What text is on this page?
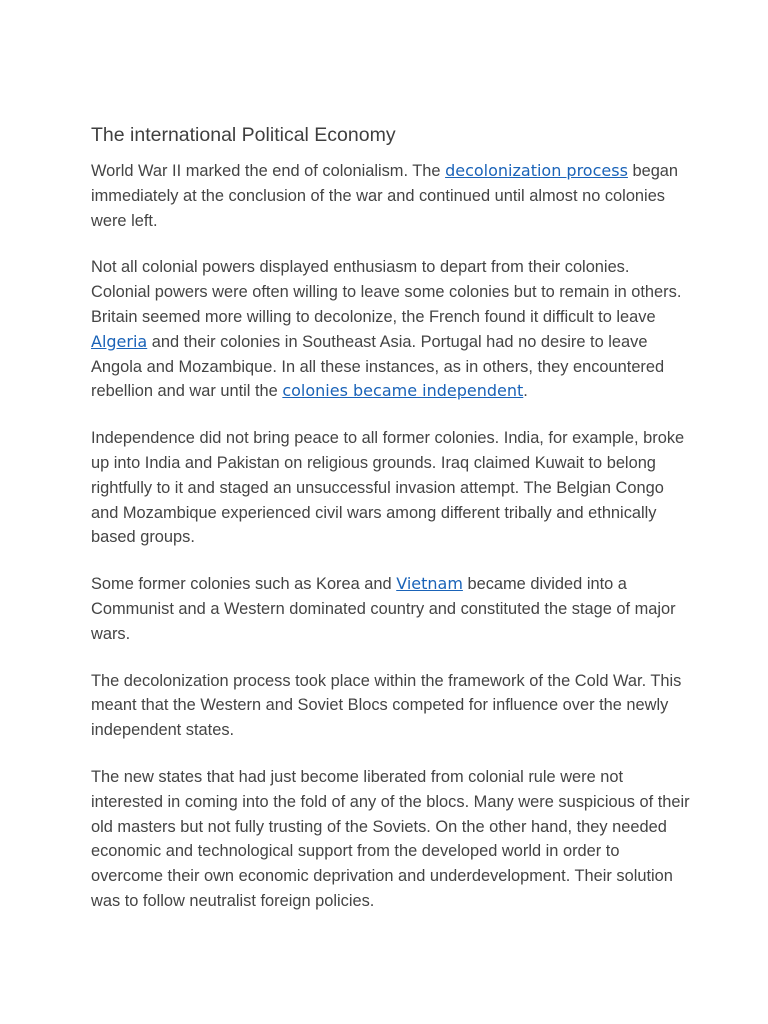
The international Political Economy

World War II marked the end of colonialism. The decolonization process began immediately at the conclusion of the war and continued until almost no colonies were left.

Not all colonial powers displayed enthusiasm to depart from their colonies. Colonial powers were often willing to leave some colonies but to remain in others. Britain seemed more willing to decolonize, the French found it difficult to leave Algeria and their colonies in Southeast Asia. Portugal had no desire to leave Angola and Mozambique. In all these instances, as in others, they encountered rebellion and war until the colonies became independent.

Independence did not bring peace to all former colonies. India, for example, broke up into India and Pakistan on religious grounds. Iraq claimed Kuwait to belong rightfully to it and staged an unsuccessful invasion attempt. The Belgian Congo and Mozambique experienced civil wars among different tribally and ethnically based groups.

Some former colonies such as Korea and Vietnam became divided into a Communist and a Western dominated country and constituted the stage of major wars.

The decolonization process took place within the framework of the Cold War. This meant that the Western and Soviet Blocs competed for influence over the newly independent states.

The new states that had just become liberated from colonial rule were not interested in coming into the fold of any of the blocs. Many were suspicious of their old masters but not fully trusting of the Soviets. On the other hand, they needed economic and technological support from the developed world in order to overcome their own economic deprivation and underdevelopment. Their solution was to follow neutralist foreign policies.
